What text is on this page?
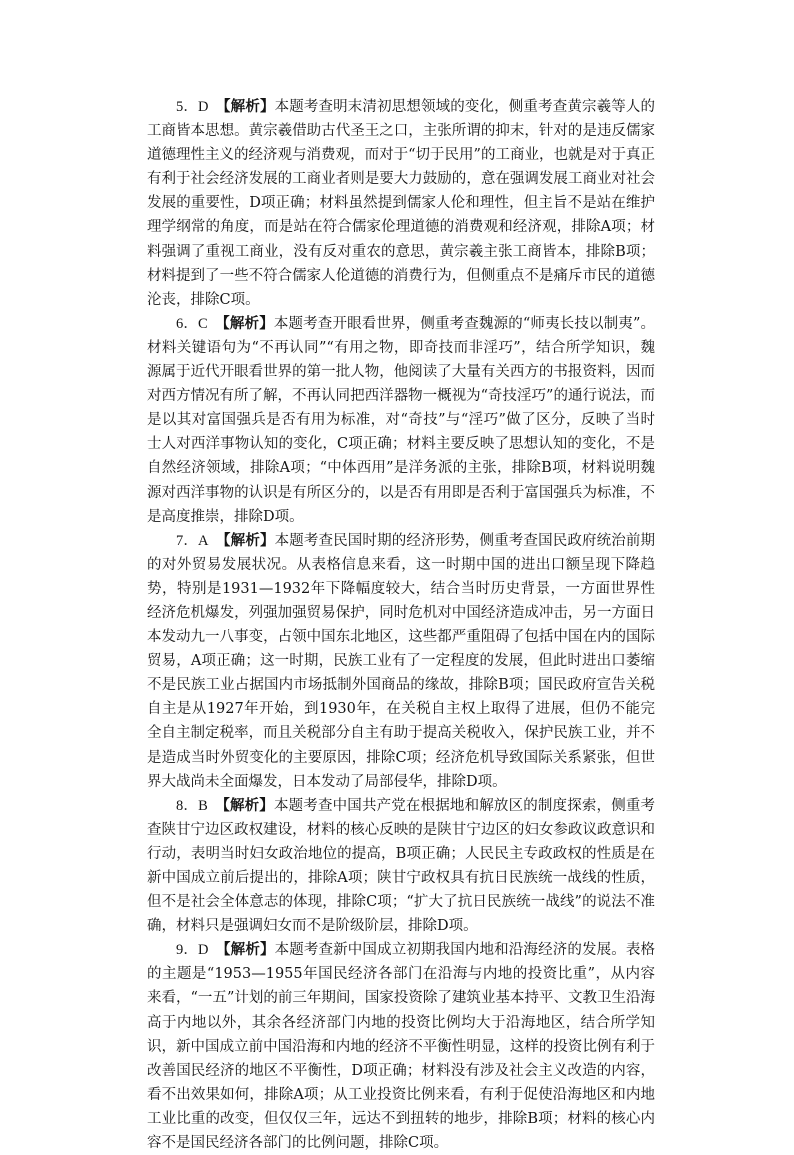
5．D　 【解析】本题考查明末清初思想领域的变化，侧重考查黄宗羲等人的工商皆本思想。黄宗羲借助古代圣王之口，主张所谓的抑末，针对的是违反儒家道德理性主义的经济观与消费观，而对于“切于民用”的工商业，也就是对于真正有利于社会经济发展的工商业者则是要大力鼓励的，意在强调发展工商业对社会发展的重要性，D项正确；材料虽然提到儒家人伦和理性，但主旨不是站在维护理学纲常的角度，而是站在符合儒家伦理道德的消费观和经济观，排除A项；材料强调了重视工商业，没有反对重农的意思，黄宗羲主张工商皆本，排除B项；材料提到了一些不符合儒家人伦道德的消费行为，但侧重点不是痛斥市民的道德沦丧，排除C项。

6．C　 【解析】本题考查开眼看世界，侧重考查魏源的“师夷长技以制夷”。材料关键语句为“不再认同”“有用之物，即奇技而非淫巧”，结合所学知识，魏源属于近代开眼看世界的第一批人物，他阅读了大量有关西方的书报资料，因而对西方情况有所了解，不再认同把西洋器物一概视为“奇技淫巧”的通行说法，而是以其对富国强兵是否有用为标准，对“奇技”与“淫巧”做了区分，反映了当时士人对西洋事物认知的变化，C项正确；材料主要反映了思想认知的变化，不是自然经济领域，排除A项；“中体西用”是洋务派的主张，排除B项，材料说明魏源对西洋事物的认识是有所区分的，以是否有用即是否利于富国强兵为标准，不是高度推崇，排除D项。

7．A　 【解析】本题考查民国时期的经济形势，侧重考查国民政府统治前期的对外贸易发展状况。从表格信息来看，这一时期中国的进出口额呈现下降趋势，特别是1931—1932年下降幅度较大，结合当时历史背景，一方面世界性经济危机爆发，列强加强贸易保护，同时危机对中国经济造成冲击，另一方面日本发动九一八事变，占领中国东北地区，这些都严重阻碍了包括中国在内的国际贸易，A项正确；这一时期，民族工业有了一定程度的发展，但此时进出口萎缩不是民族工业占据国内市场抵制外国商品的缘故，排除B项；国民政府宣告关税自主是从1927年开始，到1930年，在关税自主权上取得了进展，但仍不能完全自主制定税率，而且关税部分自主有助于提高关税收入，保护民族工业，并不是造成当时外贸变化的主要原因，排除C项；经济危机导致国际关系紧张，但世界大战尚未全面爆发，日本发动了局部侵华，排除D项。

8．B　 【解析】本题考查中国共产党在根据地和解放区的制度探索，侧重考查陕甘宁边区政权建设，材料的核心反映的是陕甘宁边区的妇女参政议政意识和行动，表明当时妇女政治地位的提高，B项正确；人民民主专政政权的性质是在新中国成立前后提出的，排除A项；陕甘宁政权具有抗日民族统一战线的性质，但不是社会全体意志的体现，排除C项；“扩大了抗日民族统一战线”的说法不准确，材料只是强调妇女而不是阶级阶层，排除D项。

9．D　 【解析】本题考查新中国成立初期我国内地和沿海经济的发展。表格的主题是“1953—1955年国民经济各部门在沿海与内地的投资比重”，从内容来看，“一五”计划的前三年期间，国家投资除了建筑业基本持平、文教卫生沿海高于内地以外，其余各经济部门内地的投资比例均大于沿海地区，结合所学知识，新中国成立前中国沿海和内地的经济不平衡性明显，这样的投资比例有利于改善国民经济的地区不平衡性，D项正确；材料没有涉及社会主义改造的内容，看不出效果如何，排除A项；从工业投资比例来看，有利于促使沿海地区和内地工业比重的改变，但仅仅三年，远达不到扭转的地步，排除B项；材料的核心内容不是国民经济各部门的比例问题，排除C项。
